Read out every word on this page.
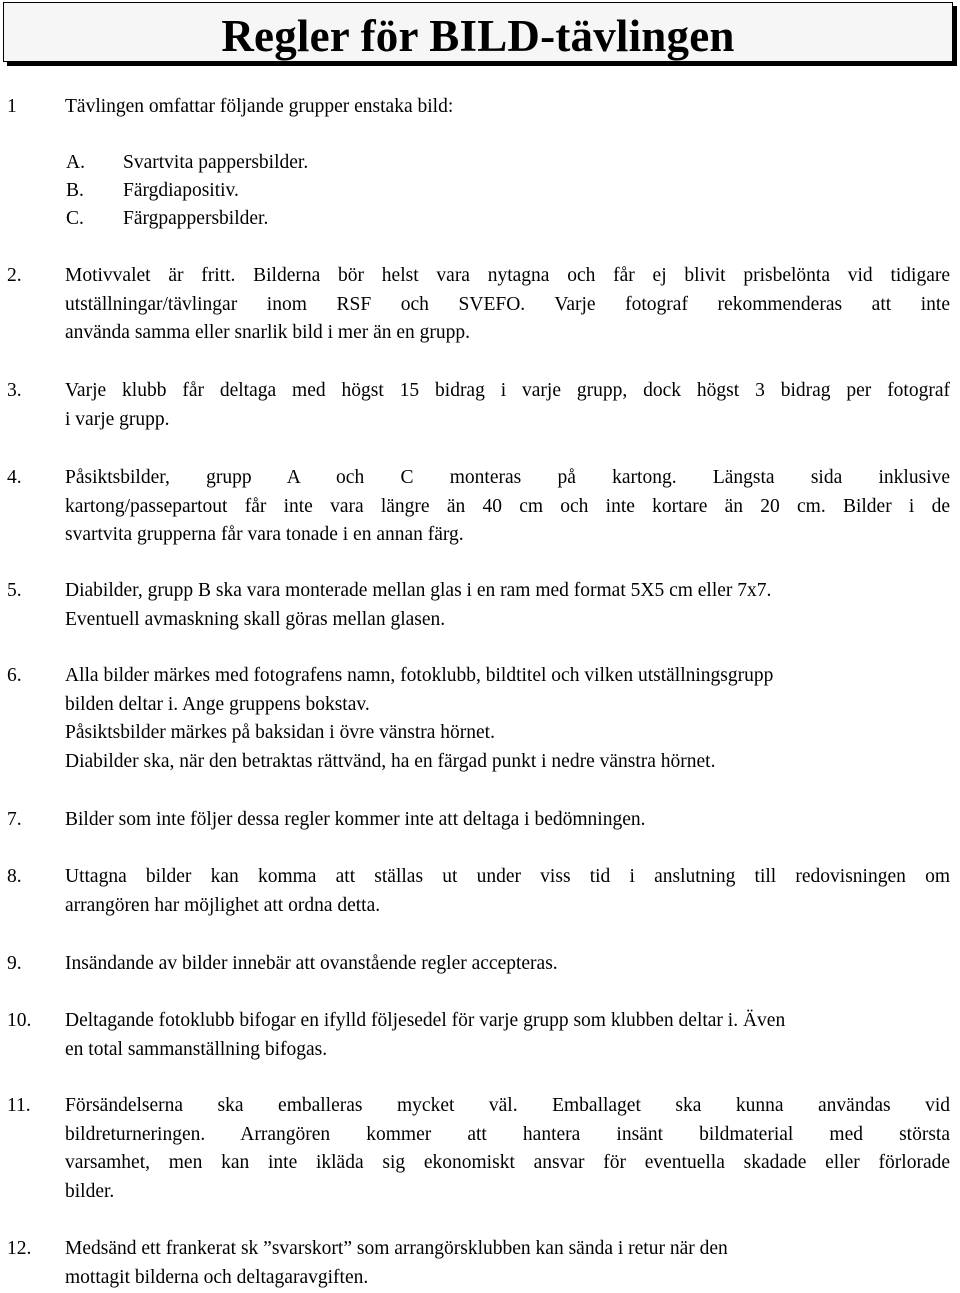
Regler för BILD-tävlingen
1 Tävlingen omfattar följande grupper enstaka bild:
A. Svartvita pappersbilder.
B. Färgdiapositiv.
C. Färgpappersbilder.
2. Motivvalet är fritt. Bilderna bör helst vara nytagna och får ej blivit prisbelönta vid tidigare
utställningar/tävlingar inom RSF och SVEFO. Varje fotograf rekommenderas att inte
använda samma eller snarlik bild i mer än en grupp.
3. Varje klubb får deltaga med högst 15 bidrag i varje grupp, dock högst 3 bidrag per fotograf
i varje grupp.
4. Påsiktsbilder, grupp A och C monteras på kartong. Längsta sida inklusive
kartong/passepartout får inte vara längre än 40 cm och inte kortare än 20 cm. Bilder i de
svartvita grupperna får vara tonade i en annan färg.
5. Diabilder, grupp B ska vara monterade mellan glas i en ram med format 5X5 cm eller 7x7.
Eventuell avmaskning skall göras mellan glasen.
6. Alla bilder märkes med fotografens namn, fotoklubb, bildtitel och vilken utställningsgrupp
bilden deltar i. Ange gruppens bokstav.
Påsiktsbilder märkes på baksidan i övre vänstra hörnet.
Diabilder ska, när den betraktas rättvänd, ha en färgad punkt i nedre vänstra hörnet.
7. Bilder som inte följer dessa regler kommer inte att deltaga i bedömningen.
8. Uttagna bilder kan komma att ställas ut under viss tid i anslutning till redovisningen om
arrangören har möjlighet att ordna detta.
9. Insändande av bilder innebär att ovanstående regler accepteras.
10. Deltagande fotoklubb bifogar en ifylld följesedel för varje grupp som klubben deltar i. Även
en total sammanställning bifogas.
11. Försändelserna ska emballeras mycket väl. Emballaget ska kunna användas vid
bildreturneringen. Arrangören kommer att hantera insänt bildmaterial med största
varsamhet, men kan inte ikläda sig ekonomiskt ansvar för eventuella skadade eller förlorade
bilder.
12. Medsänd ett frankerat sk ”svarskort” som arrangörsklubben kan sända i retur när den
mottagit bilderna och deltagaravgiften.
